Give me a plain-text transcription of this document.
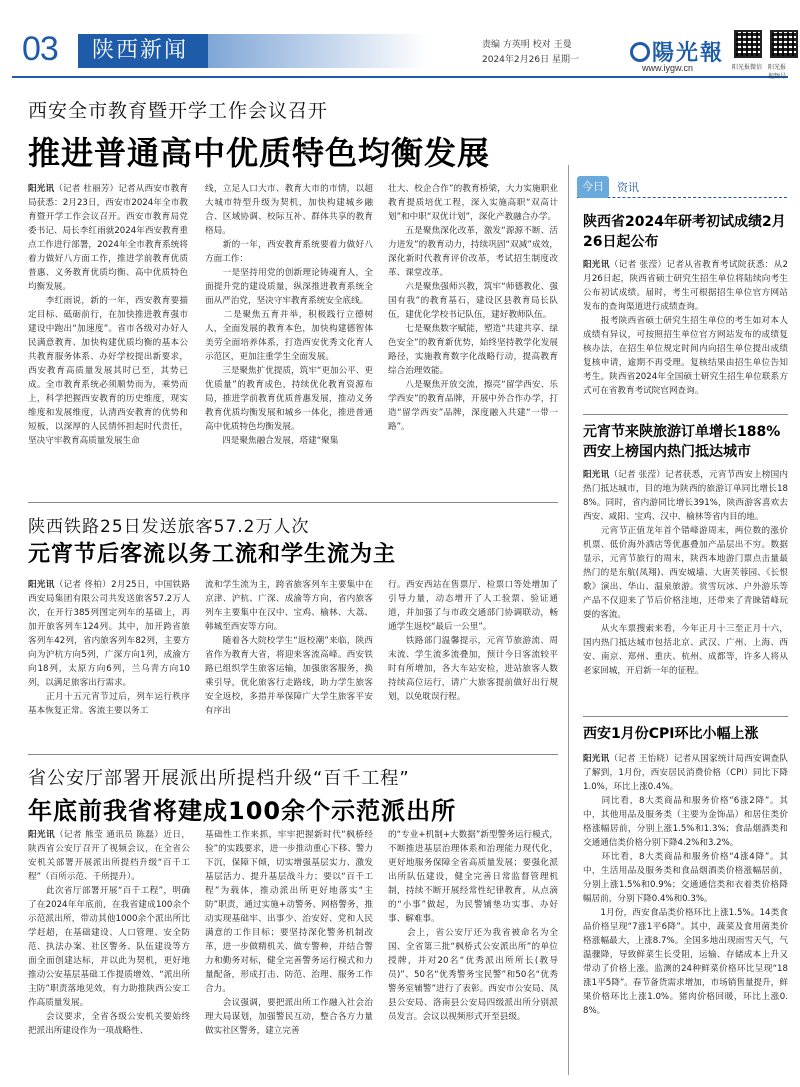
03	陕西新闻	责编 方英明 校对 王曼
2024年2月26日 星期一	陽光報
www.iygw.cn	阳光报微信 阳光报视频号
西安全市教育暨开学工作会议召开
推进普通高中优质特色均衡发展
阳光讯（记者 杜丽芳）记者从西安市教育局获悉：2月23日，西安市2024年全市教育暨开学工作会议召开。西安市教育局党委书记、局长李红雨就2024年西安教育重点工作进行部署，2024年全市教育系统将着力做好八方面工作，推进学前教育优质普惠、义务教育优质均衡、高中优质特色均衡发展。
　　李红雨说，新的一年，西安教育要描定目标、砥砺前行，在加快推进教育强市建设中跑出“加速度”。省市各级对办好人民满意教育、加快构建优质均衡的基本公共教育服务体系、办好学校提出新要求，西安教育高质量发展其时已至，其势已成。全市教育系统必须顺势而为，乘势而上，科学把握西安教育的历史维度，现实维度和发展维度，认清西安教育的优势和短板，以深厚的人民情怀担起时代责任，坚决守牢教育高质量发展生命
线，立足人口大市、教育大市的市情，以超大城市特型升级为契机，加快构建城乡融合、区域协调、校际互补、群体共享的教育格局。
　　新的一年，西安教育系统要着力做好八方面工作：
　　一是坚持用党的创新理论铸魂育人，全面提升党的建设质量，纵深推进教育系统全面从严治党，坚决守牢教育系统安全底线。
　　二是聚焦五育并举，积极践行立德树人，全面发展的教育本色，加快构建德智体美劳全面培养体系，打造西安优秀文化育人示范区，更加注重学生全面发展。
　　三是聚焦扩优提质，筑牢“更加公平、更优质量”的教育成色，持续优化教育资源布局，推进学前教育优质普惠发展，推动义务教育优质均衡发展和城乡一体化，推进普通高中优质特色均衡发展。
　　四是聚焦融合发展，塔建“聚集
壮大、校企合作”的教育桥梁，大力实施职业教育提质培优工程，深入实施高职“双高计划”和中职“双优计划”，深化产教融合办学。
　　五是聚焦深化改革，激发“源源不断、活力迸发”的教育动力，持续巩固“双减”成效，深化新时代教育评价改革，考试招生制度改革、课堂改革。
　　六是聚焦强师兴教，筑牢“师德教化、强国有我”的教育基石，建设区县教育局长队伍，建优化学校书记队伍，建好教师队伍。
　　七是聚焦数字赋能，塑造“共建共享、绿色安全”的教育新优势，始终坚持教学化发展路径，实施教育数字化战略行动，提高教育综合治理效能。
　　八是聚焦开放交流，擦亮“留学西安、乐学西安”的教育品牌，开展中外合作办学，打造“留学西安”品牌，深度融入共建“一带一路”。
陕西铁路25日发送旅客57.2万人次
元宵节后客流以务工流和学生流为主
阳光讯（记者 佟柏）2月25日，中国铁路西安局集团有限公司共发送旅客57.2万人次，在开行385列图定列车的基础上，再加开旅客列车124列。其中，加开跨省旅客列车42列，省内旅客列车82列，主要方向为沪杭方向5列，广深方向1列，成渝方向18列，太原方向6列，兰乌青方向10列，以满足旅客出行需求。
　　正月十五元宵节过后，列车运行秩序基本恢复正常。客流主要以务工
流和学生流为主，跨省旅客列车主要集中在京津、沪杭、广深、成渝等方向，省内旅客列车主要集中在汉中、宝鸡、榆林、大荔、韩城至西安等方向。
　　随着各大院校学生“返校潮”来临，陕西省作为教育大省，将迎来客流高峰。西安铁路已组织学生旅客运输，加强旅客服务，换乘引导，优化旅客行走路线，助力学生旅客安全返校，多措并举保障广大学生旅客平安有序出
行。西安西站在售票厅、检票口等处增加了引导力量，动态增开了人工验票、验证通道，并加强了与市政交通部门协调联动，畅通学生返校“最后一公里”。
　　铁路部门温馨提示，元宵节旅游流、周末流、学生流多流叠加，预计今日客流较平时有所增加，各大车站安检，进站旅客人数持续高位运行，请广大旅客提前做好出行规划，以免耽误行程。
省公安厅部署开展派出所提档升级“百千工程”
年底前我省将建成100余个示范派出所
阳光讯（记者 熊莹 通讯员 陈磊）近日，陕西省公安厅召开了视频会议，在全省公安机关部署开展派出所提档升级“百千工程”（百所示范、千所提升）。
　　此次省厅部署开展“百千工程”，明确了在2024年年底前，在我省建成100余个示范派出所，带动其他1000余个派出所比学赶超，在基础建设、人口管理、安全防范、执法办案、社区警务、队伍建设等方面全面创建达标，并以此为契机，更好地推动公安基层基础工作提质增效、“派出所主防”职责落地见效，有力助推陕西公安工作高质量发展。
　　会议要求，全省各级公安机关要始终把派出所建设作为一项战略性、
基础性工作来抓，牢牢把握新时代“枫桥经验”的实践要求，进一步推动重心下移、警力下沉，保障下倾，切实增强基层实力、激发基层活力、提升基层战斗力；要以“百千工程”为载体，推动派出所更好地落实“主防”职责，通过实施+动警务、网格警务，推动实现基础牢、出事少、治安好、党和人民满意的工作目标；要坚持深化警务机制改革，进一步做精机关、做专警种，并结合警力和勤务对标，健全完善警务运行模式和力量配备，形成打击、防范、治理、服务工作合力。
　　会议强调，要把派出所工作融入社会治理大局谋划，加强警民互动，整合各方力量做实社区警务，建立完善
的“专业+机制+大数据”新型警务运行模式，不断推进基层治理体系和治理能力现代化，更好地服务保障全省高质量发展；要强化派出所队伍建设，健全完善日常监督管理机制，持续不断开展经常性纪律教育，从点滴的“小事”做起，为民警铺垫功实事、办好事、解难事。
　　会上，省公安厅还为我省被命名为全国、全省第三批“枫桥式公安派出所”的单位授牌，并对20名“优秀派出所所长(教导员)”、50名“优秀警务宝民警”和50名“优秀警务室辅警”进行了表彰。西安市公安局、凤县公安局、洛南县公安局四级派出所分别派员发言。会议以视频形式开至县级。
今日	资讯
陕西省2024年研考初试成绩2月26日起公布
阳光讯（记者 张滢）记者从省教育考试院获悉：从2月26日起，陕西省硕士研究生招生单位将陆续向考生公布初试成绩。届时，考生可根据招生单位官方网站发布的查询渠道进行成绩查询。
　　报考陕西省硕士研究生招生单位的考生如对本人成绩有异议，可按照招生单位官方网站发布的成绩复核办法，在招生单位规定时间内向招生单位提出成绩复核申请，逾期不再受理。复核结果由招生单位告知考生。陕西省2024年全国硕士研究生招生单位联系方式可在省教育考试院官网查询。
元宵节来陕旅游订单增长188% 西安上榜国内热门抵达城市
阳光讯（记者 张滢）记者获悉，元宵节西安上榜国内热门抵达城市，目的地为陕西的旅游订单同比增长188%。同时，省内游同比增长391%，陕西游客喜欢去西安、咸阳、宝鸡、汉中、榆林等省内目的地。
　　元宵节正值龙年首个错峰游周末，两位数的涨价机票、低价海外酒店等优惠叠加产品层出不穷。数据显示，元宵节旅行的周末，陕西本地游门票点击量最热门的是东航(凤翔)、西安城墙、大唐芙蓉园、《长恨歌》演出、华山、温泉旅游。赏雪玩冰、户外游乐等产品不仅迎来了节后价格洼地，还带来了青睐错峰玩耍的客流。
　　从火车票搜索来看，今年正月十三至正月十六，国内热门抵达城市包括北京、武汉、广州、上海、西安、南京、郑州、重庆、杭州、成都等，许多人将从老家回城，开启新一年的征程。
西安1月份CPI环比小幅上涨
阳光讯（记者 王怡晓）记者从国家统计局西安调查队了解到，1月份，西安居民消费价格（CPI）同比下降1.0%，环比上涨0.4%。
　　同比看，8大类商品和服务价格“6涨2降”。其中，其他用品及服务类（主要为金饰品）和居住类价格涨幅居前，分别上涨1.5%和1.3%；食品烟酒类和交通通信类价格分别下降4.2%和3.2%。
　　环比看，8大类商品和服务价格“4涨4降”。其中，生活用品及服务类和食品烟酒类价格涨幅居前，分别上涨1.5%和0.9%；交通通信类和衣着类价格降幅居前，分别下降0.4%和0.3%。
　　1月份，西安食品类价格环比上涨1.5%。14类食品价格呈现“7涨1平6降”。其中，蔬菜及食用菌类价格涨幅最大，上涨8.7%。全国多地出现雨雪天气，气温骤降，导致鲜菜生长受阻，运输、存储成本上升又带动了价格上涨。监测的24种鲜菜价格环比呈现“18涨1平5降”。春节备货需求增加，市场销售量提升，鲜果价格环比上涨1.0%。猪肉价格回暖，环比上涨0.8%。
